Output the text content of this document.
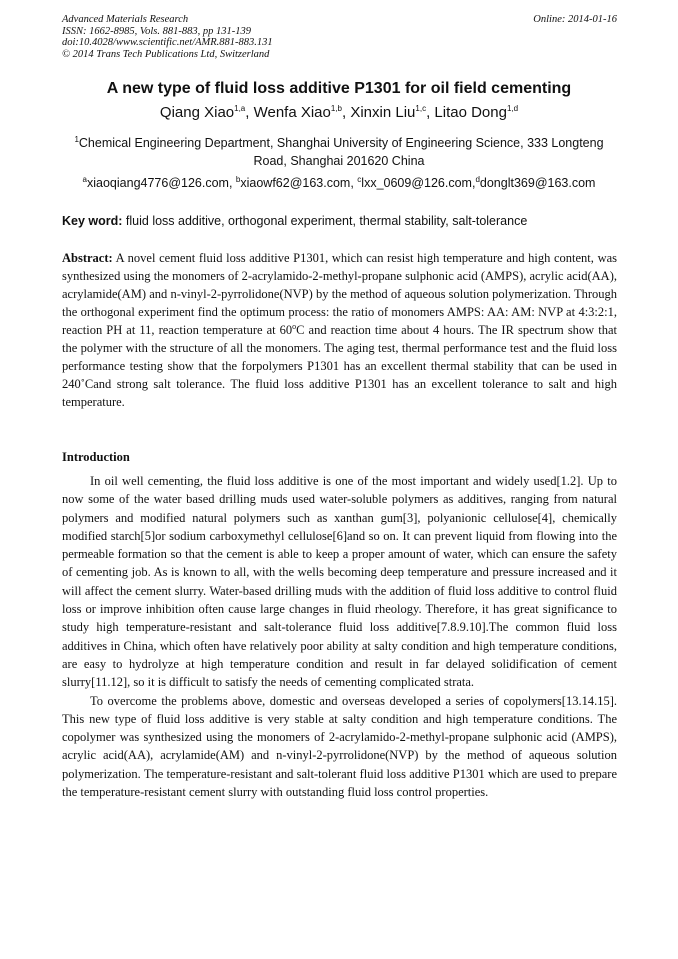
Advanced Materials Research
ISSN: 1662-8985, Vols. 881-883, pp 131-139
doi:10.4028/www.scientific.net/AMR.881-883.131
© 2014 Trans Tech Publications Ltd, Switzerland
Online: 2014-01-16
A new type of fluid loss additive P1301 for oil field cementing
Qiang Xiao$^{1,a}$, Wenfa Xiao$^{1,b}$, Xinxin Liu$^{1,c}$, Litao Dong$^{1,d}$
$^1$Chemical Engineering Department, Shanghai University of Engineering Science, 333 Longteng Road, Shanghai 201620 China
$^a$xiaoqiang4776@126.com, $^b$xiaowf62@163.com, $^c$lxx_0609@126.com,$^d$donglt369@163.com
Key word: fluid loss additive, orthogonal experiment, thermal stability, salt-tolerance
Abstract: A novel cement fluid loss additive P1301, which can resist high temperature and high content, was synthesized using the monomers of 2-acrylamido-2-methyl-propane sulphonic acid (AMPS), acrylic acid(AA), acrylamide(AM) and n-vinyl-2-pyrrolidone(NVP) by the method of aqueous solution polymerization. Through the orthogonal experiment find the optimum process: the ratio of monomers AMPS: AA: AM: NVP at 4:3:2:1, reaction PH at 11, reaction temperature at 60$^o$C and reaction time about 4 hours. The IR spectrum show that the polymer with the structure of all the monomers. The aging test, thermal performance test and the fluid loss performance testing show that the forpolymers P1301 has an excellent thermal stability that can be used in 240˚Cand strong salt tolerance. The fluid loss additive P1301 has an excellent tolerance to salt and high temperature.
Introduction

In oil well cementing, the fluid loss additive is one of the most important and widely used[1.2]. Up to now some of the water based drilling muds used water-soluble polymers as additives, ranging from natural polymers and modified natural polymers such as xanthan gum[3], polyanionic cellulose[4], chemically modified starch[5]or sodium carboxymethyl cellulose[6]and so on. It can prevent liquid from flowing into the permeable formation so that the cement is able to keep a proper amount of water, which can ensure the safety of cementing job. As is known to all, with the wells becoming deep temperature and pressure increased and it will affect the cement slurry. Water-based drilling muds with the addition of fluid loss additive to control fluid loss or improve inhibition often cause large changes in fluid rheology. Therefore, it has great significance to study high temperature-resistant and salt-tolerance fluid loss additive[7.8.9.10].The common fluid loss additives in China, which often have relatively poor ability at salty condition and high temperature conditions, are easy to hydrolyze at high temperature condition and result in far delayed solidification of cement slurry[11.12], so it is difficult to satisfy the needs of cementing complicated strata.

To overcome the problems above, domestic and overseas developed a series of copolymers[13.14.15]. This new type of fluid loss additive is very stable at salty condition and high temperature conditions. The copolymer was synthesized using the monomers of 2-acrylamido-2-methyl-propane sulphonic acid (AMPS), acrylic acid(AA), acrylamide(AM) and n-vinyl-2-pyrrolidone(NVP) by the method of aqueous solution polymerization. The temperature-resistant and salt-tolerant fluid loss additive P1301 which are used to prepare the temperature-resistant cement slurry with outstanding fluid loss control properties.
